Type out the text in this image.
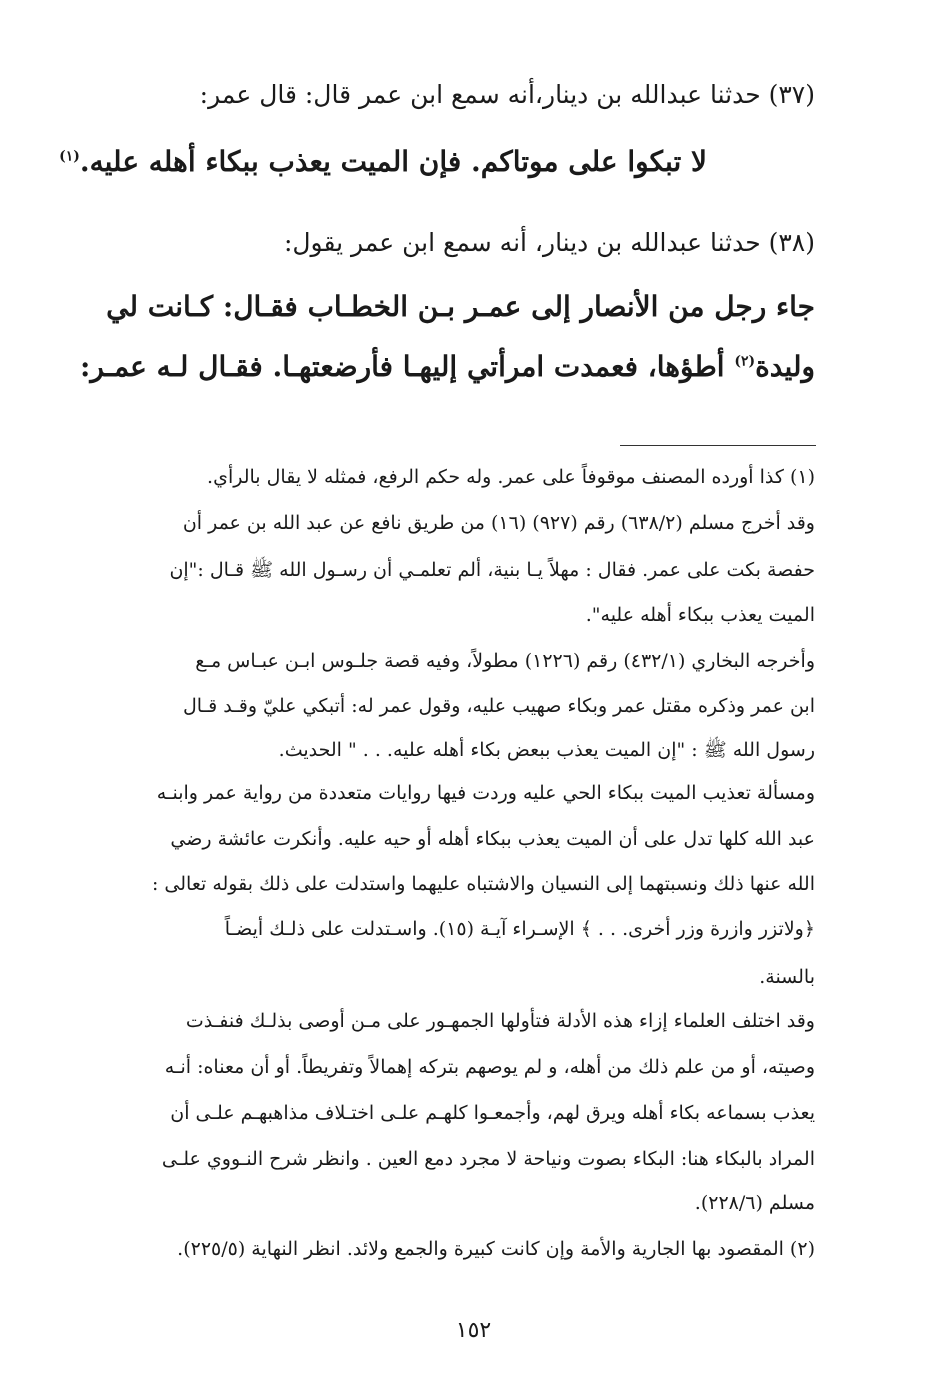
(٣٧) حدثنا عبدالله بن دينار،أنه سمع ابن عمر قال: قال عمر:
لا تبكوا على موتاكم. فإن الميت يعذب ببكاء أهله عليه.$^{(١)}$
(٣٨) حدثنا عبدالله بن دينار، أنه سمع ابن عمر يقول:
جاء رجل من الأنصار إلى عمـر بـن الخطـاب فقـال: كـانت لي
وليدة$^{(٢)}$ أطؤها، فعمدت امرأتي إليهـا فأرضعتهـا. فقـال لـه عمـر:
(١) كذا أورده المصنف موقوفاً على عمر. وله حكم الرفع، فمثله لا يقال بالرأي.
وقد أخرج مسلم (٦٣٨/٢) رقم (٩٢٧) (١٦) من طريق نافع عن عبد الله بن عمر أن
حفصة بكت على عمر. فقال : مهلاً يـا بنية، ألم تعلمـي أن رسـول الله ﷺ قـال :"إن
الميت يعذب ببكاء أهله عليه".
وأخرجه البخاري (٤٣٢/١) رقم (١٢٢٦) مطولاً، وفيه قصة جلـوس ابـن عبـاس مـع
ابن عمر وذكره مقتل عمر وبكاء صهيب عليه، وقول عمر له: أتبكي عليّ وقـد قـال
رسول الله ﷺ : "إن الميت يعذب ببعض بكاء أهله عليه. . . " الحديث.
ومسألة تعذيب الميت ببكاء الحي عليه وردت فيها روايات متعددة من رواية عمر وابنـه
عبد الله كلها تدل على أن الميت يعذب ببكاء أهله أو حيه عليه. وأنكرت عائشة رضي
الله عنها ذلك ونسبتهما إلى النسيان والاشتباه عليهما واستدلت على ذلك بقوله تعالى :
﴿ولاتزر وازرة وزر أخرى. . . ﴾ الإسـراء آيـة (١٥). واسـتدلت على ذلـك أيضـاً
بالسنة.
وقد اختلف العلماء إزاء هذه الأدلة فتأولها الجمهـور على مـن أوصى بذلـك فنفـذت
وصيته، أو من علم ذلك من أهله، و لم يوصهم بتركه إهمالاً وتفريطاً. أو أن معناه: أنـه
يعذب بسماعه بكاء أهله ويرق لهم، وأجمعـوا كلهـم علـى اختـلاف مذاهبهـم علـى أن
المراد بالبكاء هنا: البكاء بصوت ونياحة لا مجرد دمع العين . وانظر شرح النـووي علـى
مسلم (٢٢٨/٦).
(٢) المقصود بها الجارية والأمة وإن كانت كبيرة والجمع ولائد. انظر النهاية (٢٢٥/٥).
١٥٢
